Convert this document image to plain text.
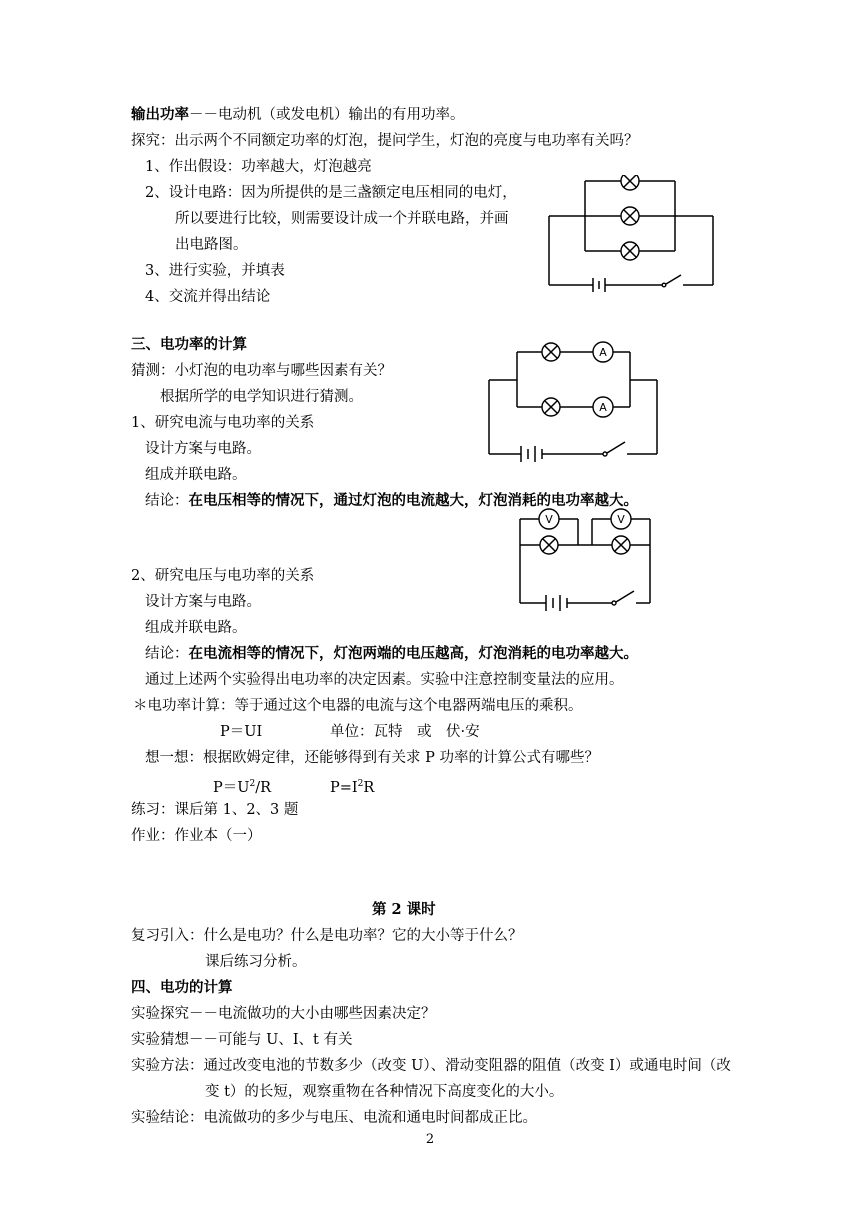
输出功率－－电动机（或发电机）输出的有用功率。
探究：出示两个不同额定功率的灯泡，提问学生，灯泡的亮度与电功率有关吗？
1、作出假设：功率越大，灯泡越亮
2、设计电路：因为所提供的是三盏额定电压相同的电灯，
所以要进行比较，则需要设计成一个并联电路，并画
出电路图。
3、进行实验，并填表
4、交流并得出结论
三、电功率的计算
猜测：小灯泡的电功率与哪些因素有关？
根据所学的电学知识进行猜测。
1、研究电流与电功率的关系
设计方案与电路。
组成并联电路。
结论：在电压相等的情况下，通过灯泡的电流越大，灯泡消耗的电功率越大。
2、研究电压与电功率的关系
设计方案与电路。
组成并联电路。
结论：在电流相等的情况下，灯泡两端的电压越高，灯泡消耗的电功率越大。
通过上述两个实验得出电功率的决定因素。实验中注意控制变量法的应用。
＊电功率计算：等于通过这个电器的电流与这个电器两端电压的乘积。
P＝UI	单位：瓦特　或　伏·安
想一想：根据欧姆定律，还能够得到有关求 P 功率的计算公式有哪些？
$P=U^2/R$	$P=I^2R$
练习：课后第 1、2、3 题
作业：作业本（一）
第 2 课时
复习引入：什么是电功？什么是电功率？它的大小等于什么？
课后练习分析。
四、电功的计算
实验探究－－电流做功的大小由哪些因素决定？
实验猜想－－可能与 U、I、t 有关
实验方法：通过改变电池的节数多少（改变 U）、滑动变阻器的阻值（改变 I）或通电时间（改
变 t）的长短，观察重物在各种情况下高度变化的大小。
实验结论：电流做功的多少与电压、电流和通电时间都成正比。
2
A
A
V	V
